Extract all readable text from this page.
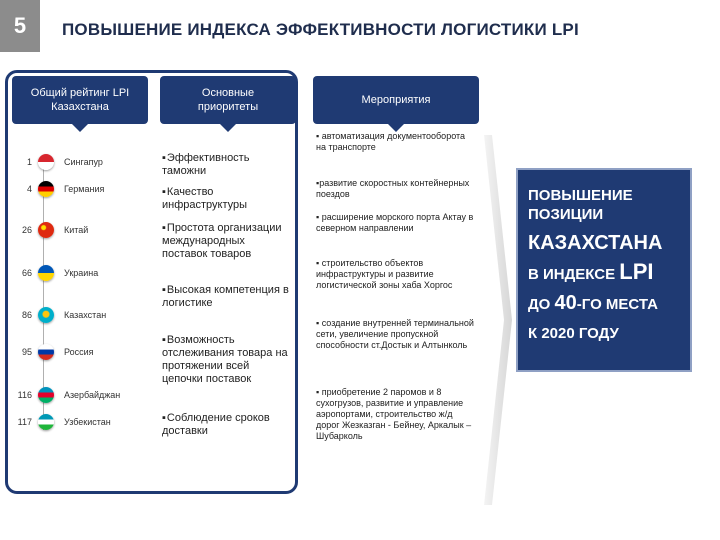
5 ПОВЫШЕНИЕ ИНДЕКСА ЭФФЕКТИВНОСТИ ЛОГИСТИКИ LPI
Общий рейтинг LPI Казахстана
Основные приоритеты
Мероприятия
1	Сингапур
4	Германия
26	Китай
66	Украина
86	Казахстан
95	Россия
116	Азербайджан
117	Узбекистан
▪Эффективность таможни
▪Качество инфраструктуры
▪Простота организации международных поставок товаров
▪Высокая компетенция в логистике
▪Возможность отслеживания товара на протяжении всей цепочки поставок
▪Соблюдение сроков доставки
▪ автоматизация документооборота на транспорте
▪развитие скоростных контейнерных поездов
▪ расширение морского порта Актау в северном направлении
▪ строительство объектов инфраструктуры и развитие логистической зоны хаба Хоргос
▪ создание внутренней терминальной сети, увеличение пропускной способности ст.Достык и Алтынколь
▪ приобретение 2 паромов и 8 сухогрузов, развитие и управление аэропортами, строительство ж/д дорог Жезказган - Бейнеу, Аркалык – Шубарколь
ПОВЫШЕНИЕ
ПОЗИЦИИ
КАЗАХСТАНА
В ИНДЕКСЕ LPI
ДО 40-ГО МЕСТА
К 2020 ГОДУ
